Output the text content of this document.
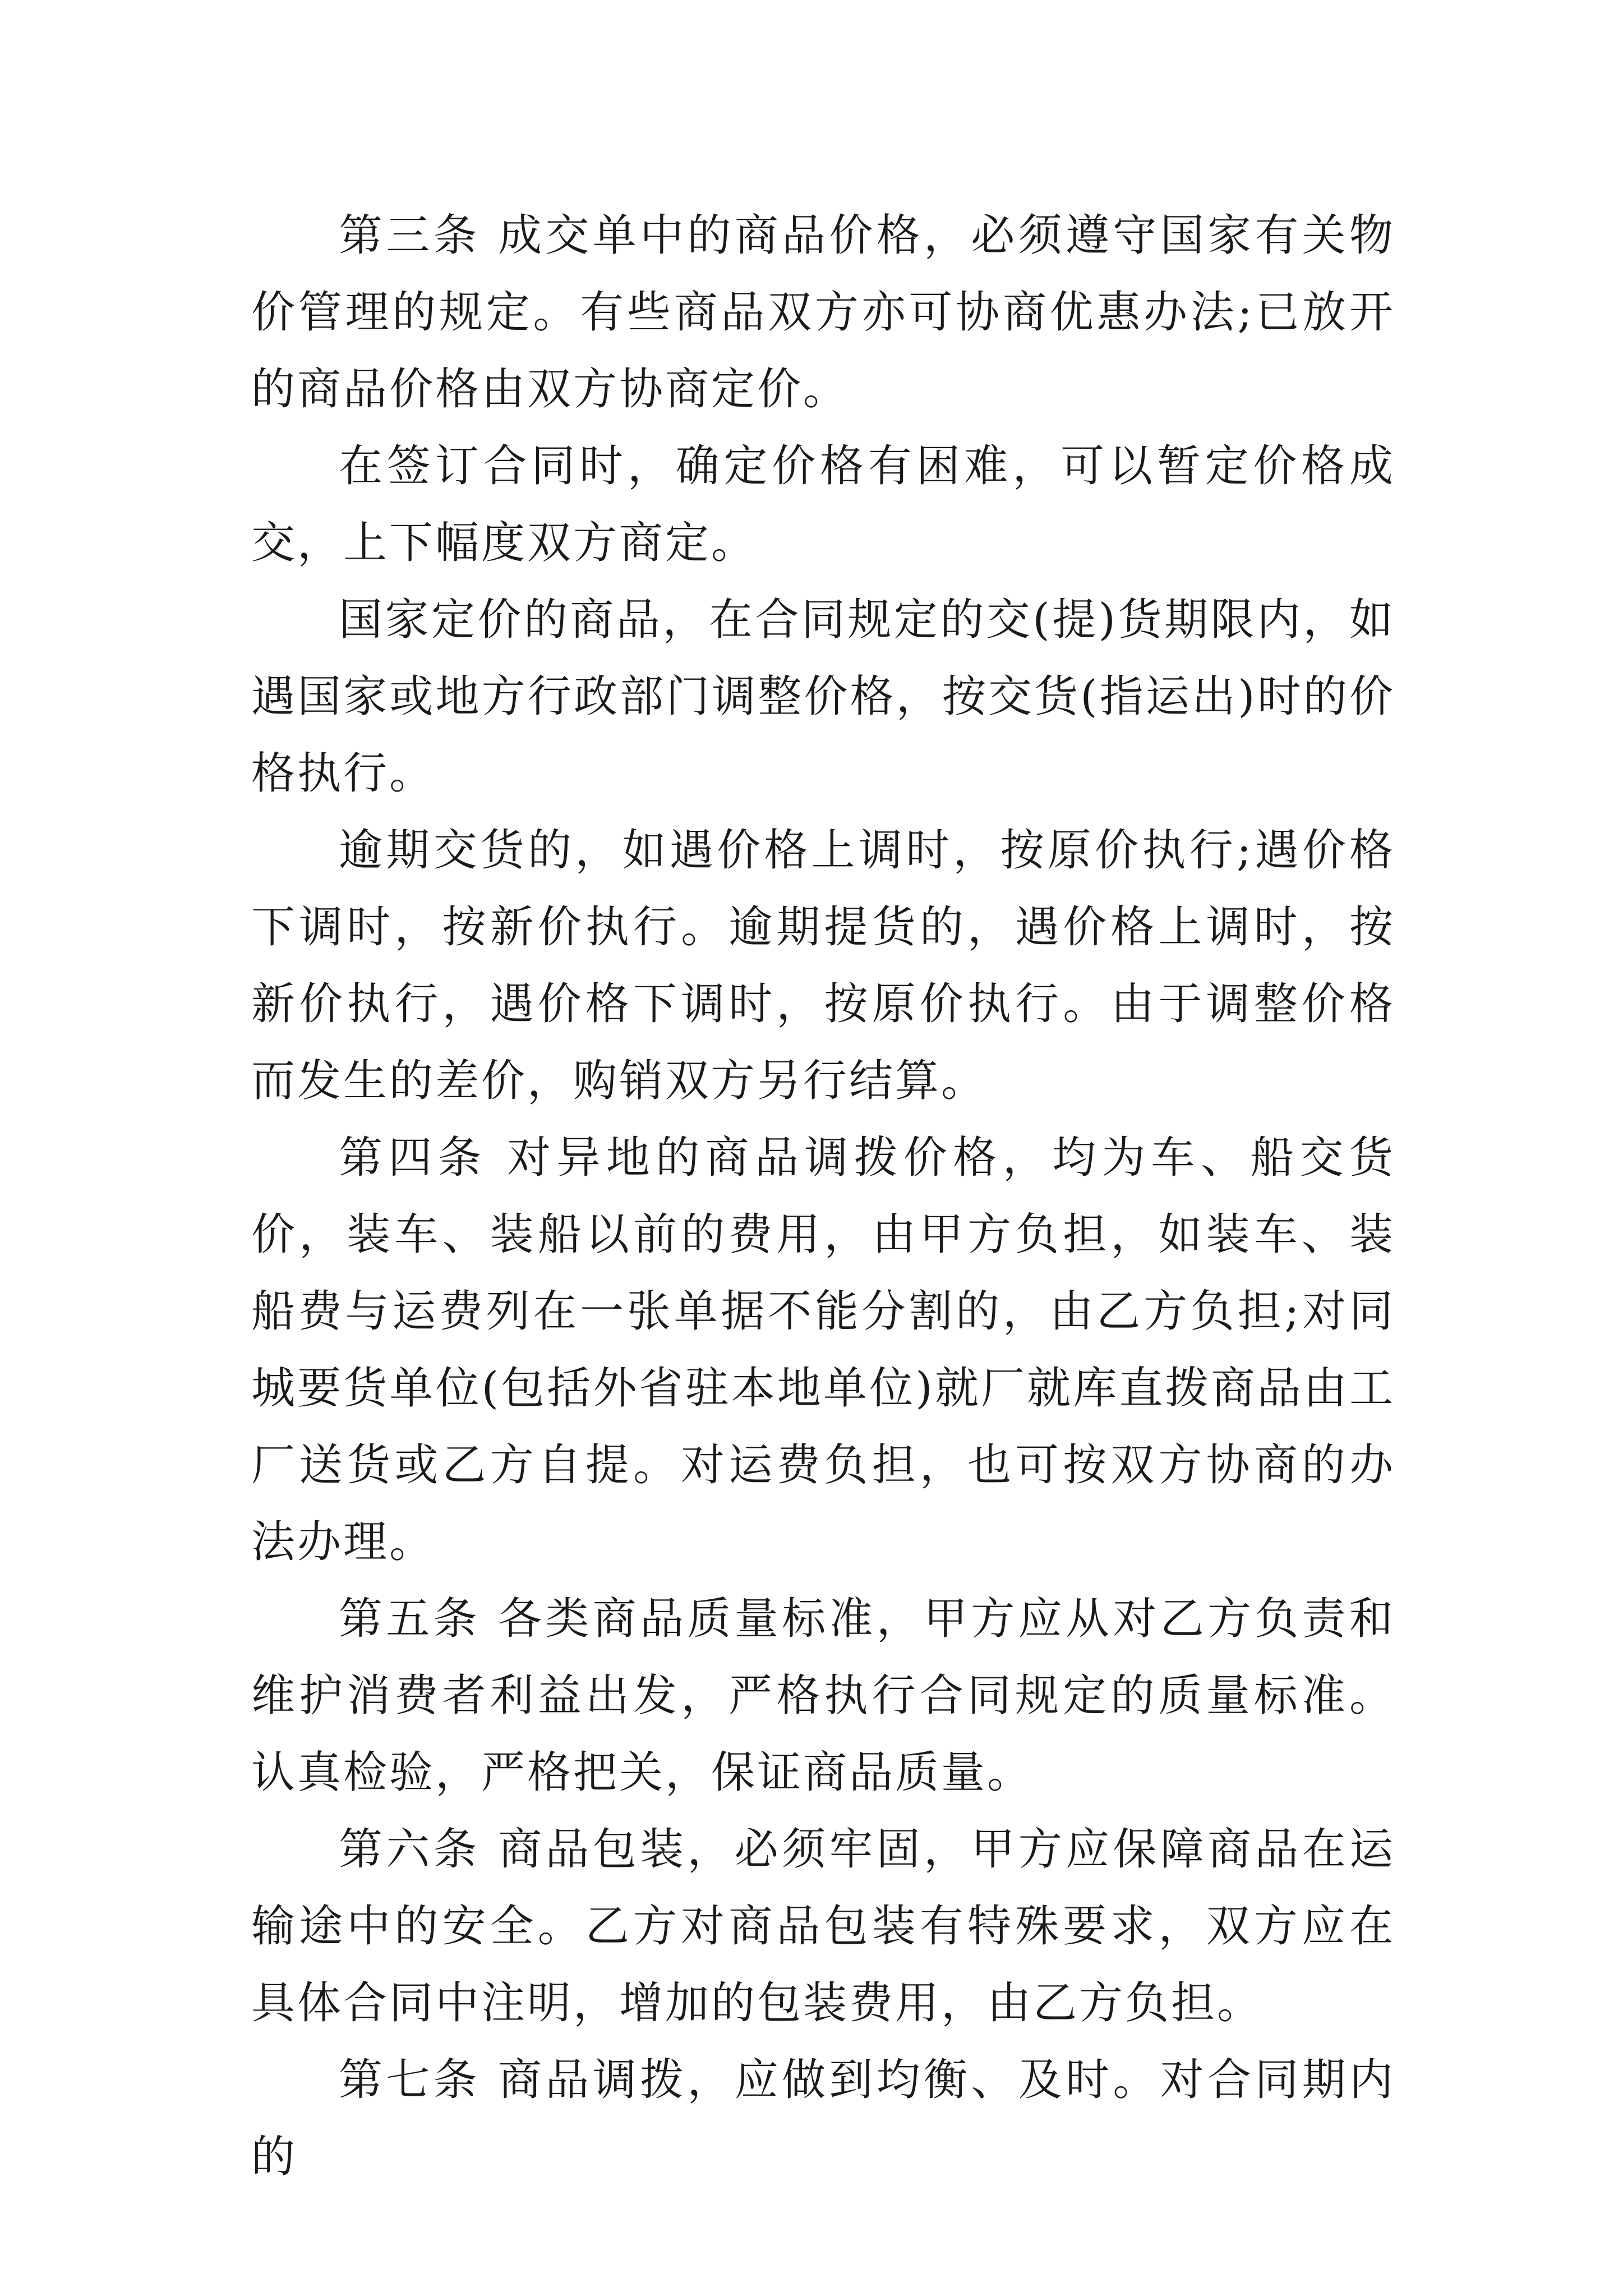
第三条 成交单中的商品价格，必须遵守国家有关物价管理的规定。有些商品双方亦可协商优惠办法;已放开的商品价格由双方协商定价。

在签订合同时，确定价格有困难，可以暂定价格成交，上下幅度双方商定。

国家定价的商品，在合同规定的交(提)货期限内，如遇国家或地方行政部门调整价格，按交货(指运出)时的价格执行。

逾期交货的，如遇价格上调时，按原价执行;遇价格下调时，按新价执行。逾期提货的，遇价格上调时，按新价执行，遇价格下调时，按原价执行。由于调整价格而发生的差价，购销双方另行结算。

第四条 对异地的商品调拨价格，均为车、船交货价，装车、装船以前的费用，由甲方负担，如装车、装船费与运费列在一张单据不能分割的，由乙方负担;对同城要货单位(包括外省驻本地单位)就厂就库直拨商品由工厂送货或乙方自提。对运费负担，也可按双方协商的办法办理。

第五条 各类商品质量标准，甲方应从对乙方负责和维护消费者利益出发，严格执行合同规定的质量标准。认真检验，严格把关，保证商品质量。

第六条 商品包装，必须牢固，甲方应保障商品在运输途中的安全。乙方对商品包装有特殊要求，双方应在具体合同中注明，增加的包装费用，由乙方负担。

第七条 商品调拨，应做到均衡、及时。对合同期内的
